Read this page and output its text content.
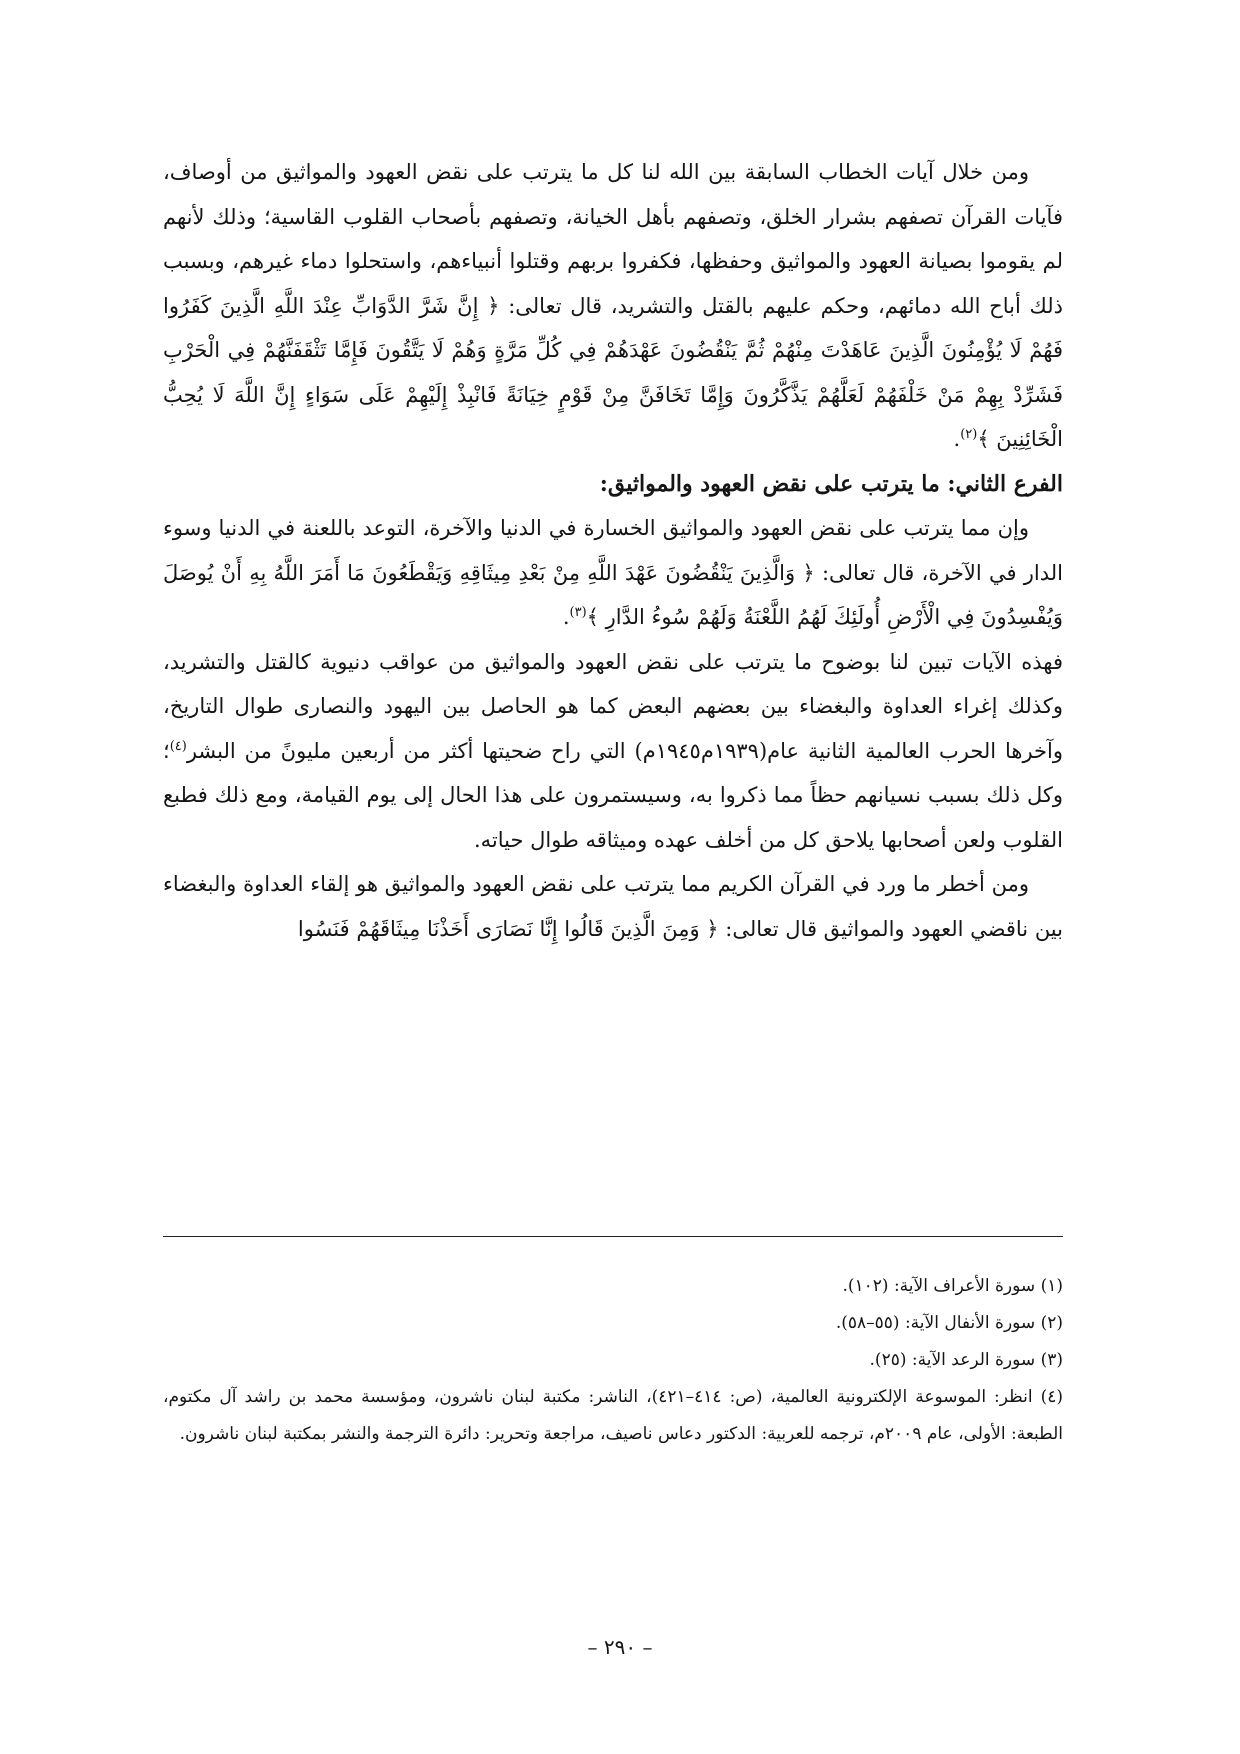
ومن خلال آيات الخطاب السابقة بين الله لنا كل ما يترتب على نقض العهود والمواثيق من أوصاف، فآيات القرآن تصفهم بشرار الخلق، وتصفهم بأهل الخيانة، وتصفهم بأصحاب القلوب القاسية؛ وذلك لأنهم لم يقوموا بصيانة العهود والمواثيق وحفظها، فكفروا بربهم وقتلوا أنبياءهم، واستحلوا دماء غيرهم، وبسبب ذلك أباح الله دمائهم، وحكم عليهم بالقتل والتشريد، قال تعالى: ﴿ إِنَّ شَرَّ الدَّوَابِّ عِنْدَ اللَّهِ الَّذِينَ كَفَرُوا فَهُمْ لَا يُؤْمِنُونَ الَّذِينَ عَاهَدْتَ مِنْهُمْ ثُمَّ يَنْقُضُونَ عَهْدَهُمْ فِي كُلِّ مَرَّةٍ وَهُمْ لَا يَتَّقُونَ فَإِمَّا تَثْقَفَنَّهُمْ فِي الْحَرْبِ فَشَرِّدْ بِهِمْ مَنْ خَلْفَهُمْ لَعَلَّهُمْ يَذَّكَّرُونَ وَإِمَّا تَخَافَنَّ مِنْ قَوْمٍ خِيَانَةً فَانْبِذْ إِلَيْهِمْ عَلَى سَوَاءٍ إِنَّ اللَّهَ لَا يُحِبُّ الْخَائِنِينَ ﴾$^{(٢)}$.

الفرع الثاني: ما يترتب على نقض العهود والمواثيق:

وإن مما يترتب على نقض العهود والمواثيق الخسارة في الدنيا والآخرة، التوعد باللعنة في الدنيا وسوء الدار في الآخرة، قال تعالى: ﴿ وَالَّذِينَ يَنْقُضُونَ عَهْدَ اللَّهِ مِنْ بَعْدِ مِيثَاقِهِ وَيَقْطَعُونَ مَا أَمَرَ اللَّهُ بِهِ أَنْ يُوصَلَ وَيُفْسِدُونَ فِي الْأَرْضِ أُولَئِكَ لَهُمُ اللَّعْنَةُ وَلَهُمْ سُوءُ الدَّارِ ﴾$^{(٣)}$.

فهذه الآيات تبين لنا بوضوح ما يترتب على نقض العهود والمواثيق من عواقب دنيوية كالقتل والتشريد، وكذلك إغراء العداوة والبغضاء بين بعضهم البعض كما هو الحاصل بين اليهود والنصارى طوال التاريخ، وآخرها الحرب العالمية الثانية عام(١٩٣٩م١٩٤٥م) التي راح ضحيتها أكثر من أربعين مليونً من البشر$^{(٤)}$؛ وكل ذلك بسبب نسيانهم حظاً مما ذكروا به، وسيستمرون على هذا الحال إلى يوم القيامة، ومع ذلك فطبع القلوب ولعن أصحابها يلاحق كل من أخلف عهده وميثاقه طوال حياته.

ومن أخطر ما ورد في القرآن الكريم مما يترتب على نقض العهود والمواثيق هو إلقاء العداوة والبغضاء بين ناقضي العهود والمواثيق قال تعالى: ﴿ وَمِنَ الَّذِينَ قَالُوا إِنَّا نَصَارَى أَخَذْنَا مِيثَاقَهُمْ فَنَسُوا

(١) سورة الأعراف الآية: (١٠٢).

(٢) سورة الأنفال الآية: (٥٥–٥٨).

(٣) سورة الرعد الآية: (٢٥).

(٤) انظر: الموسوعة الإلكترونية العالمية، (ص: ٤١٤–٤٢١)، الناشر: مكتبة لبنان ناشرون، ومؤسسة محمد بن راشد آل مكتوم، الطبعة: الأولى، عام ٢٠٠٩م، ترجمه للعربية: الدكتور دعاس ناصيف، مراجعة وتحرير: دائرة الترجمة والنشر بمكتبة لبنان ناشرون.

– ٢٩٠ –
